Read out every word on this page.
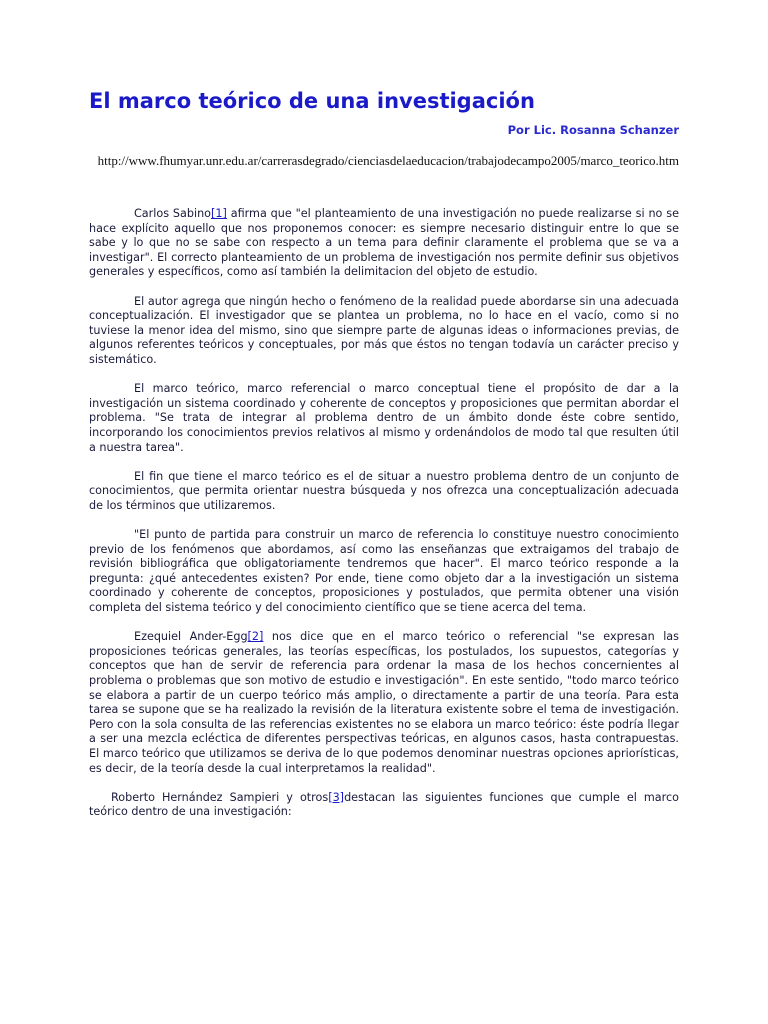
El marco teórico de una investigación

Por Lic. Rosanna Schanzer

http://www.fhumyar.unr.edu.ar/carrerasdegrado/cienciasdelaeducacion/trabajodecampo2005/marco_teorico.htm

Carlos Sabino[1] afirma que "el planteamiento de una investigación no puede realizarse si no se hace explícito aquello que nos proponemos conocer: es siempre necesario distinguir entre lo que se sabe y lo que no se sabe con respecto a un tema para definir claramente el problema que se va a investigar". El correcto planteamiento de un problema de investigación nos permite definir sus objetivos generales y específicos, como así también la delimitacion del objeto de estudio.

El autor agrega que ningún hecho o fenómeno de la realidad puede abordarse sin una adecuada conceptualización. El investigador que se plantea un problema, no lo hace en el vacío, como si no tuviese la menor idea del mismo, sino que siempre parte de algunas ideas o informaciones previas, de algunos referentes teóricos y conceptuales, por más que éstos no tengan todavía un carácter preciso y sistemático.

El marco teórico, marco referencial o marco conceptual tiene el propósito de dar a la investigación un sistema coordinado y coherente de conceptos y proposiciones que permitan abordar el problema. "Se trata de integrar al problema dentro de un ámbito donde éste cobre sentido, incorporando los conocimientos previos relativos al mismo y ordenándolos de modo tal que resulten útil a nuestra tarea".

El fin que tiene el marco teórico es el de situar a nuestro problema dentro de un conjunto de conocimientos, que permita orientar nuestra búsqueda y nos ofrezca una conceptualización adecuada de los términos que utilizaremos.

"El punto de partida para construir un marco de referencia lo constituye nuestro conocimiento previo de los fenómenos que abordamos, así como las enseñanzas que extraigamos del trabajo de revisión bibliográfica que obligatoriamente tendremos que hacer". El marco teórico responde a la pregunta: ¿qué antecedentes existen? Por ende, tiene como objeto dar a la investigación un sistema coordinado y coherente de conceptos, proposiciones y postulados, que permita obtener una visión completa del sistema teórico y del conocimiento científico que se tiene acerca del tema.

Ezequiel Ander-Egg[2] nos dice que en el marco teórico o referencial "se expresan las proposiciones teóricas generales, las teorías específicas, los postulados, los supuestos, categorías y conceptos que han de servir de referencia para ordenar la masa de los hechos concernientes al problema o problemas que son motivo de estudio e investigación". En este sentido, "todo marco teórico se elabora a partir de un cuerpo teórico más amplio, o directamente a partir de una teoría. Para esta tarea se supone que se ha realizado la revisión de la literatura existente sobre el tema de investigación. Pero con la sola consulta de las referencias existentes no se elabora un marco teórico: éste podría llegar a ser una mezcla ecléctica de diferentes perspectivas teóricas, en algunos casos, hasta contrapuestas. El marco teórico que utilizamos se deriva de lo que podemos denominar nuestras opciones apriorísticas, es decir, de la teoría desde la cual interpretamos la realidad".

Roberto Hernández Sampieri y otros[3]destacan las siguientes funciones que cumple el marco teórico dentro de una investigación:
